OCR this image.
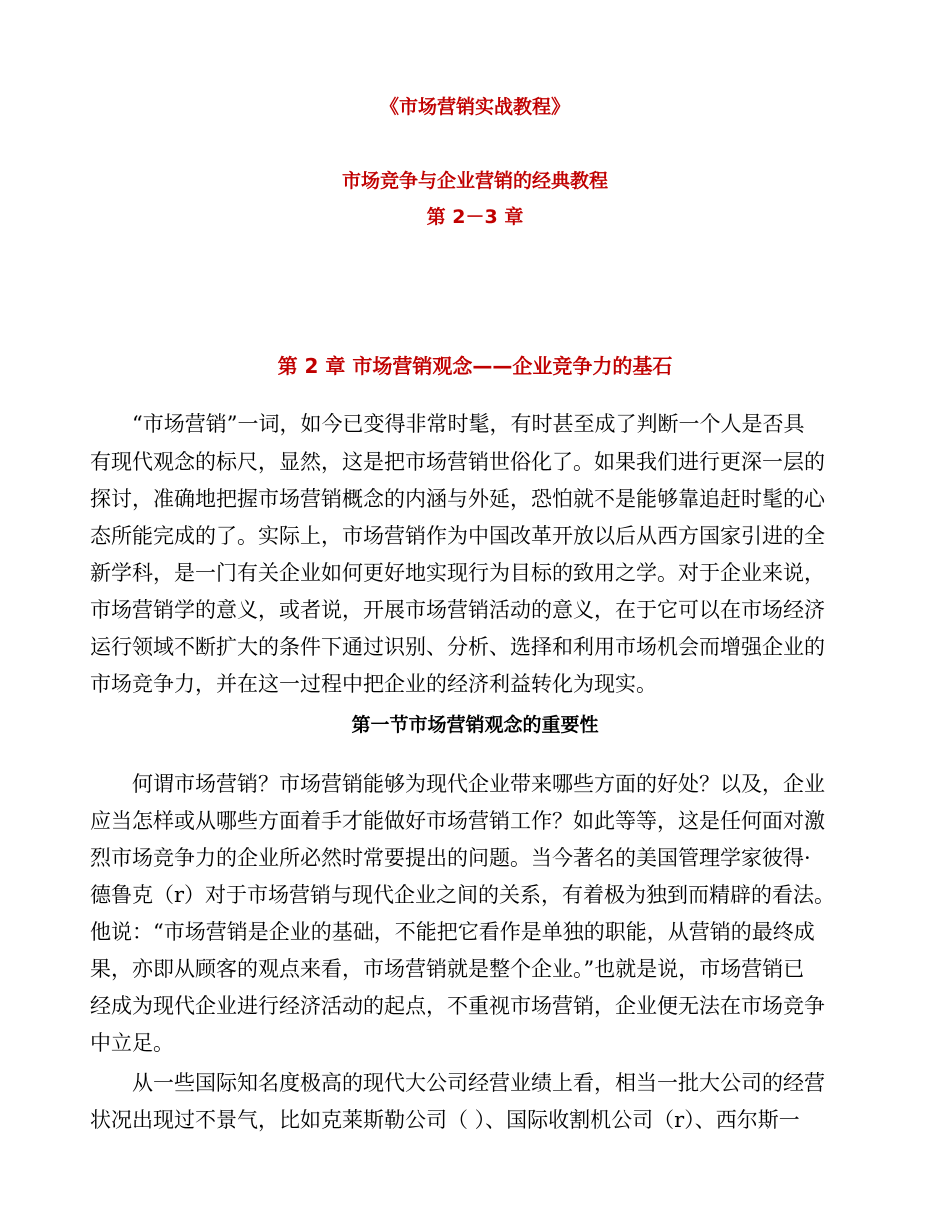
《市场营销实战教程》
市场竞争与企业营销的经典教程
第 2－3 章
第 2 章 市场营销观念——企业竞争力的基石
“市场营销”一词，如今已变得非常时髦，有时甚至成了判断一个人是否具
有现代观念的标尺，显然，这是把市场营销世俗化了。如果我们进行更深一层的
探讨，准确地把握市场营销概念的内涵与外延，恐怕就不是能够靠追赶时髦的心
态所能完成的了。实际上，市场营销作为中国改革开放以后从西方国家引进的全
新学科，是一门有关企业如何更好地实现行为目标的致用之学。对于企业来说，
市场营销学的意义，或者说，开展市场营销活动的意义，在于它可以在市场经济
运行领域不断扩大的条件下通过识别、分析、选择和利用市场机会而增强企业的
市场竞争力，并在这一过程中把企业的经济利益转化为现实。
第一节市场营销观念的重要性
何谓市场营销？市场营销能够为现代企业带来哪些方面的好处？以及，企业
应当怎样或从哪些方面着手才能做好市场营销工作？如此等等，这是任何面对激
烈市场竞争力的企业所必然时常要提出的问题。当今著名的美国管理学家彼得·
德鲁克（r）对于市场营销与现代企业之间的关系，有着极为独到而精辟的看法。
他说：“市场营销是企业的基础，不能把它看作是单独的职能，从营销的最终成
果，亦即从顾客的观点来看，市场营销就是整个企业。”也就是说，市场营销已
经成为现代企业进行经济活动的起点，不重视市场营销，企业便无法在市场竞争
中立足。
从一些国际知名度极高的现代大公司经营业绩上看，相当一批大公司的经营
状况出现过不景气，比如克莱斯勒公司（ ）、国际收割机公司（r）、西尔斯一
